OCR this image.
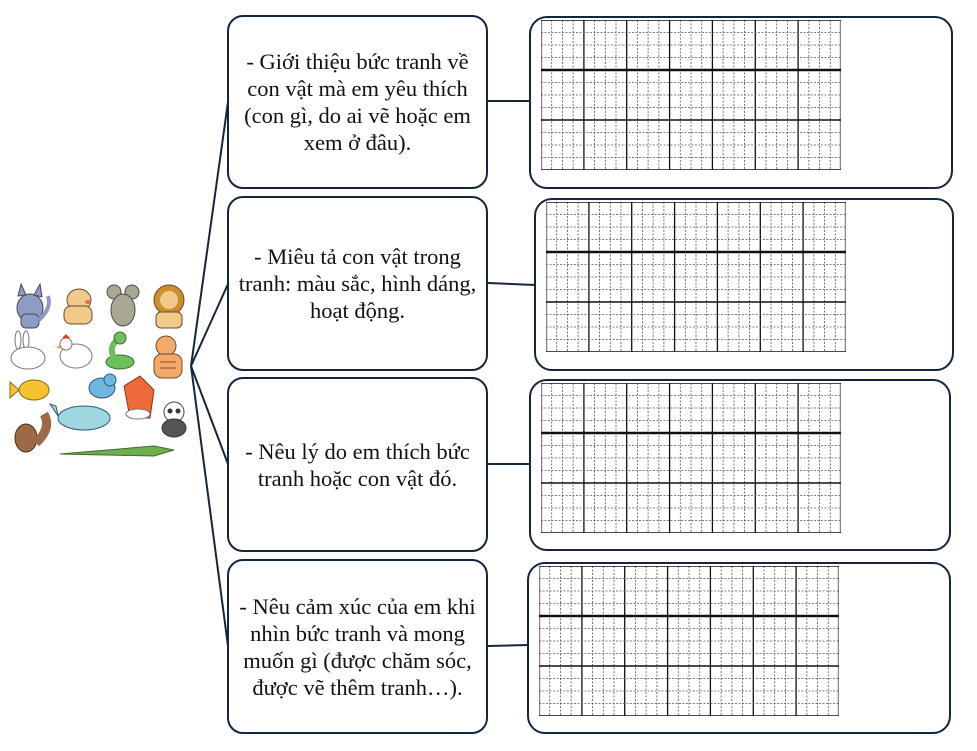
- Giới thiệu bức tranh về con vật mà em yêu thích (con gì, do ai vẽ hoặc em xem ở đâu).
- Miêu tả con vật trong tranh: màu sắc, hình dáng, hoạt động.
- Nêu lý do em thích bức tranh hoặc con vật đó.
- Nêu cảm xúc của em khi nhìn bức tranh và mong muốn gì (được chăm sóc, được vẽ thêm tranh…).
